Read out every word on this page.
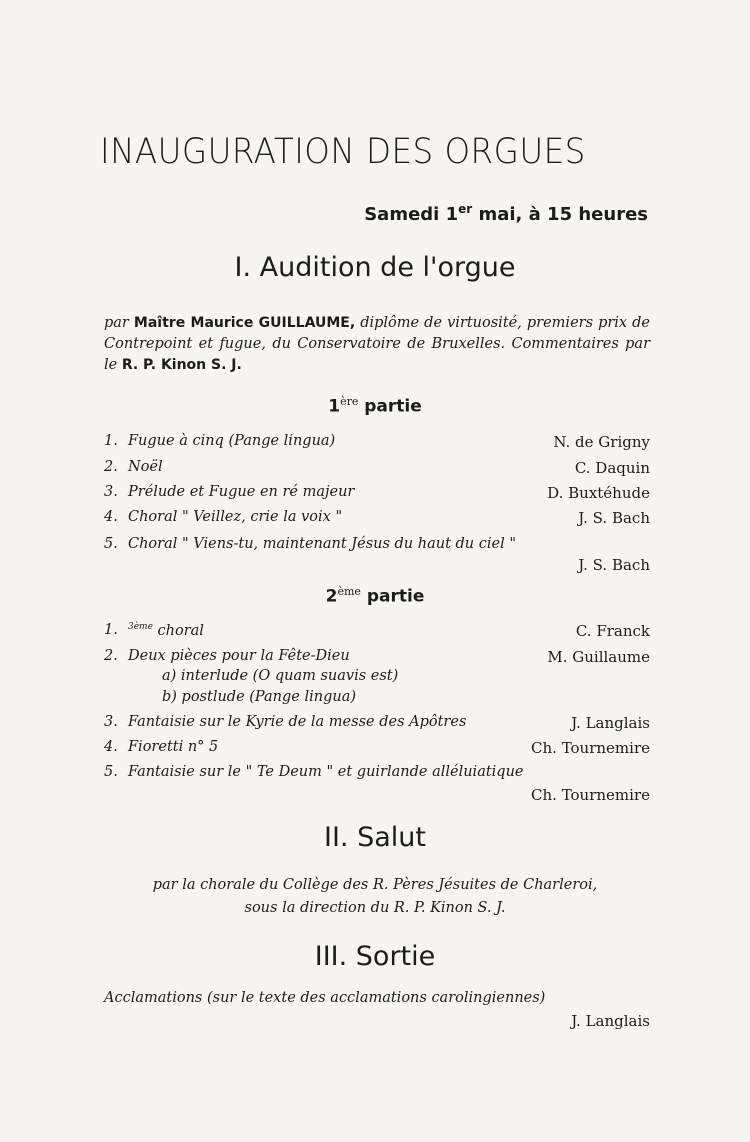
INAUGURATION DES ORGUES
Samedi 1er mai, à 15 heures
I. Audition de l'orgue
par Maître Maurice GUILLAUME, diplôme de virtuosité, premiers prix de Contrepoint et fugue, du Conservatoire de Bruxelles. Commentaires par le R. P. Kinon S. J.
1ère partie
1. Fugue à cinq (Pange lingua)	N. de Grigny
2. Noël	C. Daquin
3. Prélude et Fugue en ré majeur	D. Buxtéhude
4. Choral " Veillez, crie la voix "	J. S. Bach
5. Choral " Viens-tu, maintenant Jésus du haut du ciel "
J. S. Bach
2ème partie
1. $^{3ème}$ choral	C. Franck
2. Deux pièces pour la Fête-Dieu	M. Guillaume
a) interlude (O quam suavis est)
b) postlude (Pange lingua)
3. Fantaisie sur le Kyrie de la messe des Apôtres	J. Langlais
4. Fioretti n° 5	Ch. Tournemire
5. Fantaisie sur le " Te Deum " et guirlande alléluiatique
Ch. Tournemire
II. Salut
par la chorale du Collège des R. Pères Jésuites de Charleroi,
sous la direction du R. P. Kinon S. J.
III. Sortie
Acclamations (sur le texte des acclamations carolingiennes)
J. Langlais
